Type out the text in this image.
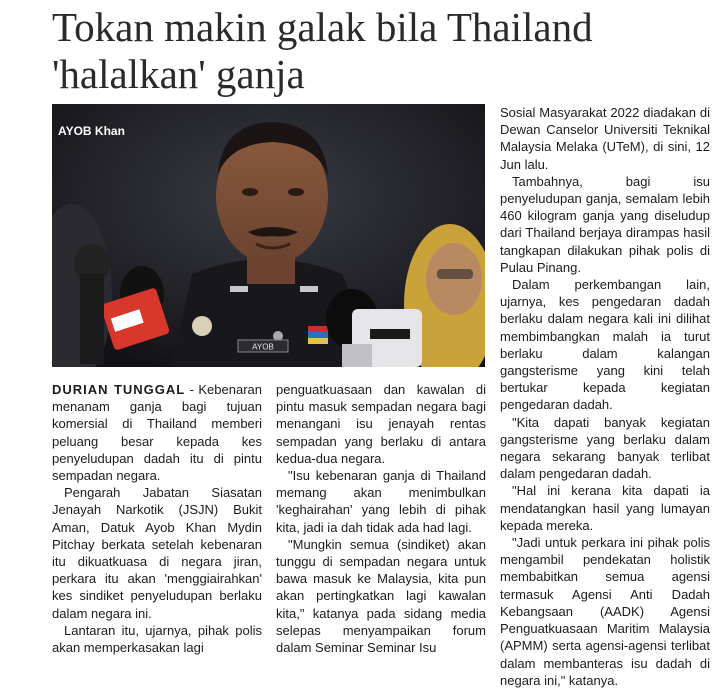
Tokan makin galak bila Thailand 'halalkan' ganja
AYOB
AYOB Khan

DURIAN TUNGGAL - Kebenaran menanam ganja bagi tujuan komersial di Thailand memberi peluang besar kepada kes penyeludupan dadah itu di pintu sempadan negara.

Pengarah Jabatan Siasatan Jenayah Narkotik (JSJN) Bukit Aman, Datuk Ayob Khan Mydin Pitchay berkata setelah kebenaran itu dikuatkuasa di negara jiran, perkara itu akan 'menggiairahkan' kes sindiket penyeludupan berlaku dalam negara ini.

Lantaran itu, ujarnya, pihak polis akan memperkasakan lagi

penguatkuasaan dan kawalan di pintu masuk sempadan negara bagi menangani isu jenayah rentas sempadan yang berlaku di antara kedua-dua negara.

"Isu kebenaran ganja di Thailand memang akan menimbulkan 'keghairahan' yang lebih di pihak kita, jadi ia dah tidak ada had lagi.

"Mungkin semua (sindiket) akan tunggu di sempadan negara untuk bawa masuk ke Malaysia, kita pun akan pertingkatkan lagi kawalan kita," katanya pada sidang media selepas menyampaikan forum dalam Seminar Seminar Isu

Sosial Masyarakat 2022 diadakan di Dewan Canselor Universiti Teknikal Malaysia Melaka (UTeM), di sini, 12 Jun lalu.

Tambahnya, bagi isu penyeludupan ganja, semalam lebih 460 kilogram ganja yang diseludup dari Thailand berjaya dirampas hasil tangkapan dilakukan pihak polis di Pulau Pinang.

Dalam perkembangan lain, ujarnya, kes pengedaran dadah berlaku dalam negara kali ini dilihat membimbangkan malah ia turut berlaku dalam kalangan gangsterisme yang kini telah bertukar kepada kegiatan pengedaran dadah.

"Kita dapati banyak kegiatan gangsterisme yang berlaku dalam negara sekarang banyak terlibat dalam pengedaran dadah.

"Hal ini kerana kita dapati ia mendatangkan hasil yang lumayan kepada mereka.

"Jadi untuk perkara ini pihak polis mengambil pendekatan holistik membabitkan semua agensi termasuk Agensi Anti Dadah Kebangsaan (AADK) Agensi Penguatkuasaan Maritim Malaysia (APMM) serta agensi-agensi terlibat dalam membanteras isu dadah di negara ini," katanya.
